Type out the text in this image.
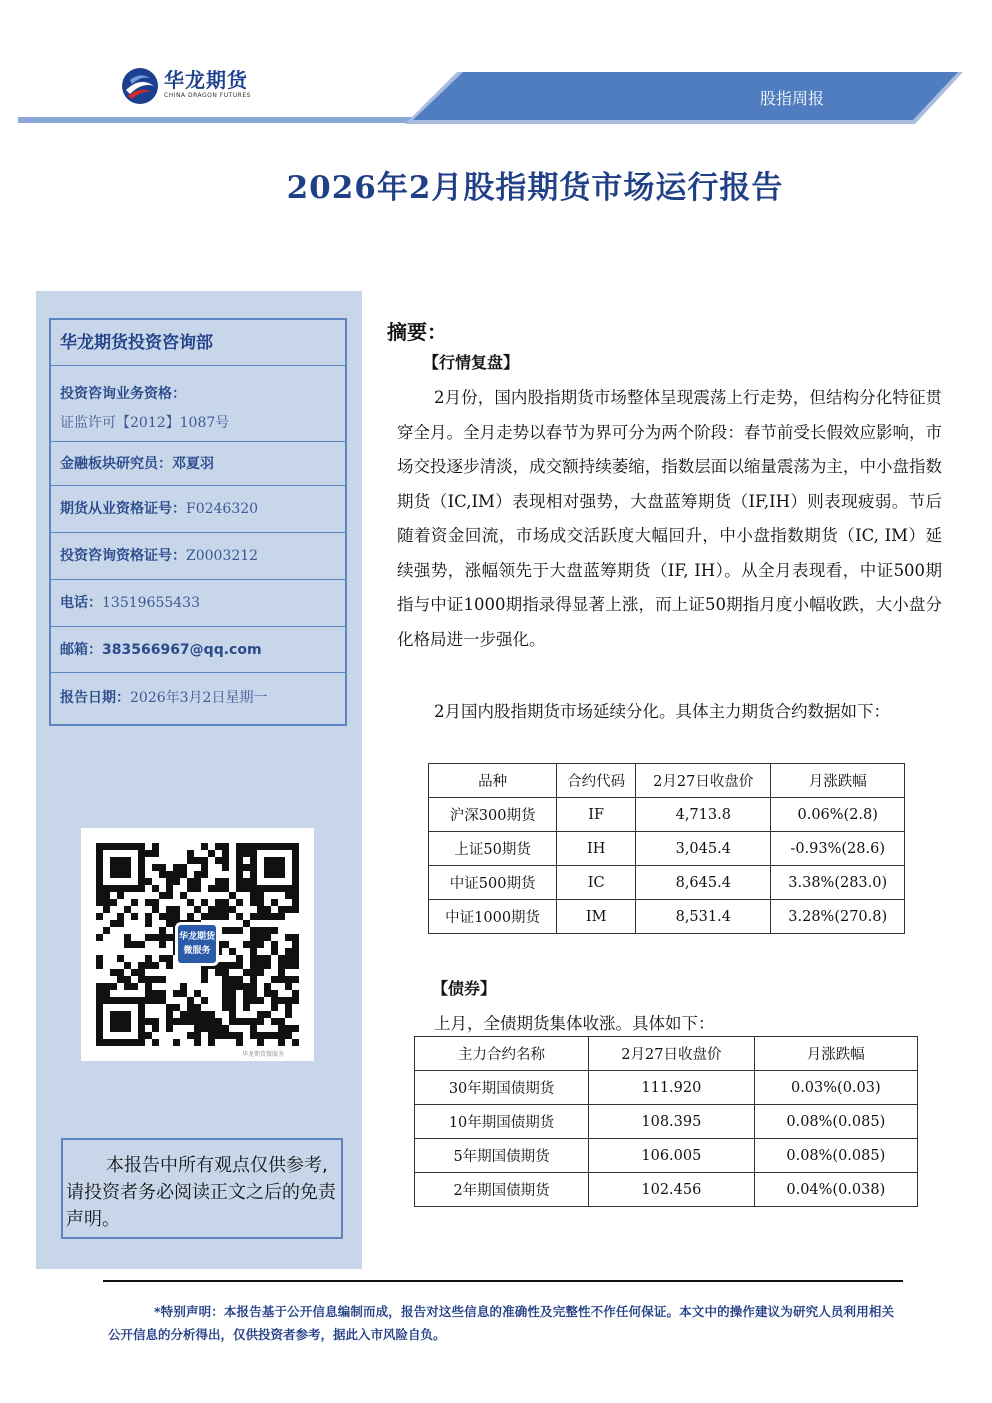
华龙期货
CHINA DRAGON FUTURES	股指周报
2026年2月股指期货市场运行报告
华龙期货投资咨询部
投资咨询业务资格：
证监许可【2012】1087号
金融板块研究员：邓夏羽
期货从业资格证号：F0246320
投资咨询资格证号：Z0003212
电话：13519655433
邮箱：383566967@qq.com
报告日期：2026年3月2日星期一
华龙期货 微服务
华龙期货微服务
本报告中所有观点仅供参考,请投资者务必阅读正文之后的免责声明。
摘要：
【行情复盘】
2月份，国内股指期货市场整体呈现震荡上行走势，但结构分化特征贯穿全月。全月走势以春节为界可分为两个阶段：春节前受长假效应影响，市场交投逐步清淡，成交额持续萎缩，指数层面以缩量震荡为主，中小盘指数期货（IC,IM）表现相对强势，大盘蓝筹期货（IF,IH）则表现疲弱。节后随着资金回流，市场成交活跃度大幅回升，中小盘指数期货（IC, IM）延续强势，涨幅领先于大盘蓝筹期货（IF, IH）。从全月表现看，中证500期指与中证1000期指录得显著上涨，而上证50期指月度小幅收跌，大小盘分化格局进一步强化。
2月国内股指期货市场延续分化。具体主力期货合约数据如下：
品种	合约代码	2月27日收盘价	月涨跌幅
沪深300期货	IF	4,713.8	0.06%(2.8)
上证50期货	IH	3,045.4	-0.93%(28.6)
中证500期货	IC	8,645.4	3.38%(283.0)
中证1000期货	IM	8,531.4	3.28%(270.8)
【债券】
上月，全债期货集体收涨。具体如下：
主力合约名称	2月27日收盘价	月涨跌幅
30年期国债期货	111.920	0.03%(0.03)
10年期国债期货	108.395	0.08%(0.085)
5年期国债期货	106.005	0.08%(0.085)
2年期国债期货	102.456	0.04%(0.038)
*特别声明：本报告基于公开信息编制而成，报告对这些信息的准确性及完整性不作任何保证。本文中的操作建议为研究人员利用相关公开信息的分析得出，仅供投资者参考，据此入市风险自负。
